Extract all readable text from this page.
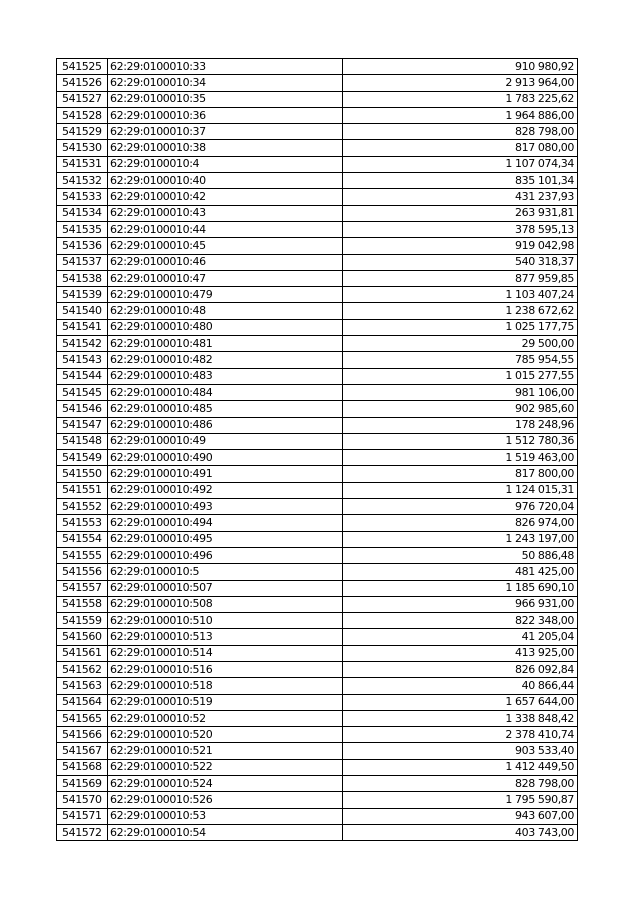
541525	62:29:0100010:33	910 980,92
541526	62:29:0100010:34	2 913 964,00
541527	62:29:0100010:35	1 783 225,62
541528	62:29:0100010:36	1 964 886,00
541529	62:29:0100010:37	828 798,00
541530	62:29:0100010:38	817 080,00
541531	62:29:0100010:4	1 107 074,34
541532	62:29:0100010:40	835 101,34
541533	62:29:0100010:42	431 237,93
541534	62:29:0100010:43	263 931,81
541535	62:29:0100010:44	378 595,13
541536	62:29:0100010:45	919 042,98
541537	62:29:0100010:46	540 318,37
541538	62:29:0100010:47	877 959,85
541539	62:29:0100010:479	1 103 407,24
541540	62:29:0100010:48	1 238 672,62
541541	62:29:0100010:480	1 025 177,75
541542	62:29:0100010:481	29 500,00
541543	62:29:0100010:482	785 954,55
541544	62:29:0100010:483	1 015 277,55
541545	62:29:0100010:484	981 106,00
541546	62:29:0100010:485	902 985,60
541547	62:29:0100010:486	178 248,96
541548	62:29:0100010:49	1 512 780,36
541549	62:29:0100010:490	1 519 463,00
541550	62:29:0100010:491	817 800,00
541551	62:29:0100010:492	1 124 015,31
541552	62:29:0100010:493	976 720,04
541553	62:29:0100010:494	826 974,00
541554	62:29:0100010:495	1 243 197,00
541555	62:29:0100010:496	50 886,48
541556	62:29:0100010:5	481 425,00
541557	62:29:0100010:507	1 185 690,10
541558	62:29:0100010:508	966 931,00
541559	62:29:0100010:510	822 348,00
541560	62:29:0100010:513	41 205,04
541561	62:29:0100010:514	413 925,00
541562	62:29:0100010:516	826 092,84
541563	62:29:0100010:518	40 866,44
541564	62:29:0100010:519	1 657 644,00
541565	62:29:0100010:52	1 338 848,42
541566	62:29:0100010:520	2 378 410,74
541567	62:29:0100010:521	903 533,40
541568	62:29:0100010:522	1 412 449,50
541569	62:29:0100010:524	828 798,00
541570	62:29:0100010:526	1 795 590,87
541571	62:29:0100010:53	943 607,00
541572	62:29:0100010:54	403 743,00
